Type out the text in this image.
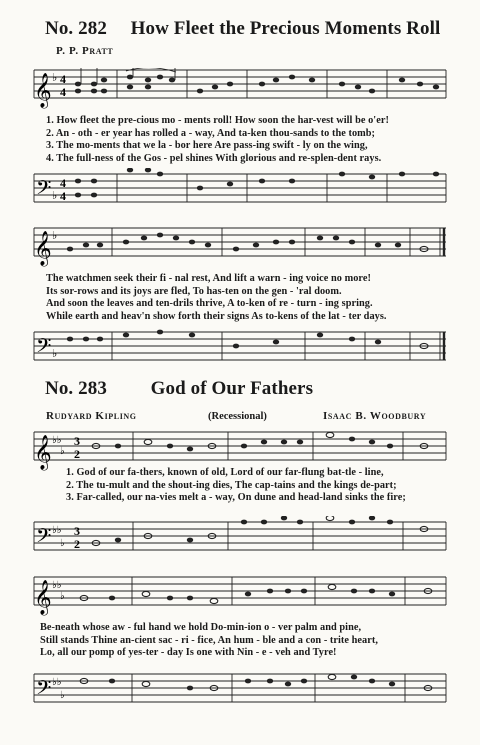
No. 282 How Fleet the Precious Moments Roll
P. P. Pratt
𝄞 ♭ 4
4
1. How fleet the pre-cious mo - ments roll! How soon the har-vest will be o'er!
2. An - oth - er year has rolled a - way, And ta-ken thou-sands to the tomb;
3. The mo-ments that we la - bor here Are pass-ing swift - ly on the wing,
4. The full-ness of the Gos - pel shines With glorious and re-splen-dent rays.
𝄢 ♭
4
4
𝄞 ♭
The watchmen seek their fi - nal rest, And lift a warn - ing voice no more!
Its sor-rows and its joys are fled, To has-ten on the gen - 'ral doom.
And soon the leaves and ten-drils thrive, A to-ken of re - turn - ing spring.
While earth and heav'n show forth their signs As to-kens of the lat - ter days.
𝄢 ♭
No. 283 God of Our Fathers
Rudyard Kipling	(Recessional)	Isaac B. Woodbury
𝄞 ♭♭
♭
3
2
1. God of our fa-thers, known of old, Lord of our far-flung bat-tle - line,
2. The tu-mult and the shout-ing dies, The cap-tains and the kings de-part;
3. Far-called, our na-vies melt a - way, On dune and head-land sinks the fire;
𝄢 ♭♭
♭
3
2
𝄞 ♭♭
♭
Be-neath whose aw - ful hand we hold Do-min-ion o - ver palm and pine,
Still stands Thine an-cient sac - ri - fice, An hum - ble and a con - trite heart,
Lo, all our pomp of yes-ter - day Is one with Nin - e - veh and Tyre!
𝄢 ♭♭
♭
